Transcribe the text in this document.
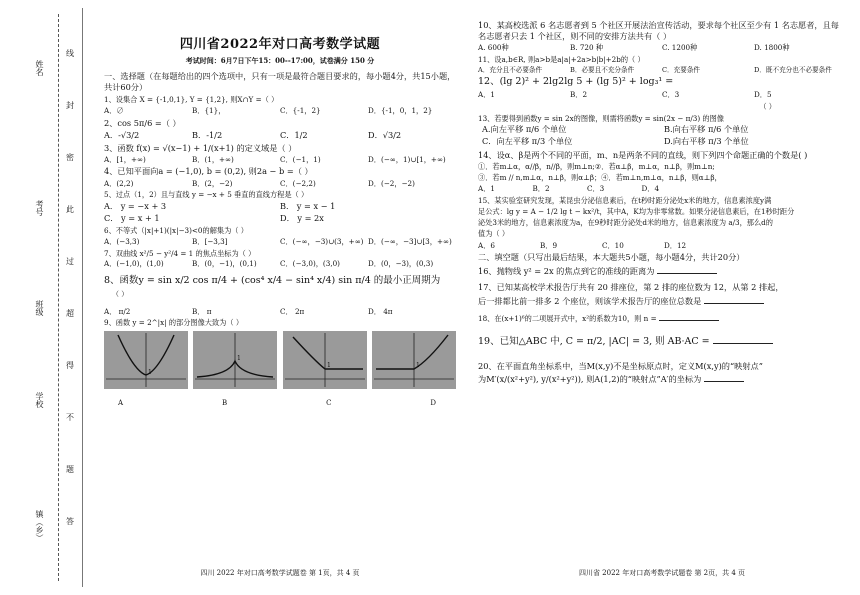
姓名
考号
班级
学校
镇（乡）
线
封
密
此
过
超
得
不
题
答
四川省2022年对口高考数学试题
考试时间：6月7日下午15：00--17:00，试卷满分 150 分
一、选择题（在每题给出的四个选项中，只有一项是最符合题目要求的，每小题4分，共15小题，共计60分）
1、设集合 X = {-1,0,1}, Y = {1,2}, 则X∩Y =（ ）
A．∅	B．{1}，	C．{-1，2}	D．{-1，0，1，2}
2、cos 5π/6 =（ ）
A．-√3/2	B．-1/2	C．1/2	D．√3/2
3、函数 f(x) = √(x−1) + 1/(x+1) 的定义域是（ ）
A．[1，+∞)	B．(1，+∞)	C．(−1，1)	D．(−∞，1)∪[1，+∞)
4、已知平面向a = (−1,0), b = (0,2), 则2a − b =（ ）
A．(2,2)	B．(2，−2)	C．(−2,2)	D．(−2，−2)
5、过点（1，2）且与直线 y = −x + 5 垂直的直线方程是（ ）
A． y = −x + 3	B． y = x − 1
C． y = x + 1	D． y = 2x
6、不等式（|x|+1)(|x|−3)<0的解集为（ ）
A．(−3,3)	B．[−3,3]	C．(−∞，−3)∪(3，+∞) D．(−∞，−3]∪[3，+∞)
7、双曲线 x²/5 − y²/4 = 1 的焦点坐标为（ ）
A．(−1,0)，(1,0)	B．(0，−1)，(0,1)	C．(−3,0)，(3,0)	D．(0，−3)，(0,3)
8、函数y = sin x/2 cos π/4 + (cos⁴ x/4 − sin⁴ x/4) sin π/4 的最小正周期为 （ ）
A． π/2	B． π	C． 2π	D． 4π
9、函数 y = 2^|x| 的部分图像大致为（ ）
1
1
1	1
A	B	C	D
10、某高校选派 6 名志愿者到 5 个社区开展法治宣传活动，要求每个社区至少有 1 名志愿者，且每名志愿者只去 1 个社区，则不同的安排方法共有（ ）
A. 600种	B. 720 种	C. 1200种	D. 1800种
11、设a,b∈R, 则a>b是a|a|+2a>b|b|+2b的（ ）
A．充分且不必要条件	B．必要且不充分条件	C．充要条件	D．既不充分也不必要条件
12、(lg 2)² + 2lg2lg 5 + (lg 5)² + log₃¹ =
A．1	B．2	C．3	D．5
（ ）
13、若要得到函数y = sin 2x的图像，则需将函数y = sin(2x − π/3) 的图像
A.向左平移 π/6 个单位	B.向右平移 π/6 个单位
C．向左平移 π/3 个单位	D.向右平移 π/3 个单位
14、设α、β是两个不同的平面，m、n是两条不同的直线，则下列四个命题正确的个数是( )
①．若m⊥α，α//β，n//β，则m⊥n;②．若α⊥β，m⊥α，n⊥β，则m⊥n;
③．若m // n,m⊥α，n⊥β，则α⊥β；④．若m⊥n,m⊥α，n⊥β，则α⊥β，
A．1	B．2	C．3	D．4
15、某实验室研究发现，某昆虫分泌信息素后，在t秒时距分泌处x米的地方，信息素浓度y满
足公式：lg y = A − 1/2 lg t − kx²/t，其中A，K均为非零常数。如果分泌信息素后，在1秒时距分
泌处3米的地方，信息素浓度为a，在9秒时距分泌处d米的地方，信息素浓度为 a/3，那么d的
值为（ ）
A．6	B．9	C．10	D．12
二、填空题（只写出最后结果，本大题共5小题，每小题4分，共计20分）
16、抛物线 y² = 2x 的焦点到它的准线的距离为
17、已知某高校学术报告厅共有 20 排座位，第 2 排的座位数为 12，从第 2 排起，
后一排都比前一排多 2 个座位，则该学术报告厅的座位总数是
18、在(x+1)⁶的二项展开式中，x²的系数为10，则 n =
19、已知△ABC 中, C = π/2, |AC| = 3, 则 AB·AC =
20、在平面直角坐标系中，当M(x,y)不是坐标原点时，定义M(x,y)的“映射点”
为M′(x/(x²+y²), y/(x²+y²)), 则A(1,2)的“映射点”A′的坐标为
四川 2022 年对口高考数学试题卷 第 1页，共 4 页	四川省 2022 年对口高考数学试题卷 第 2页，共 4 页
